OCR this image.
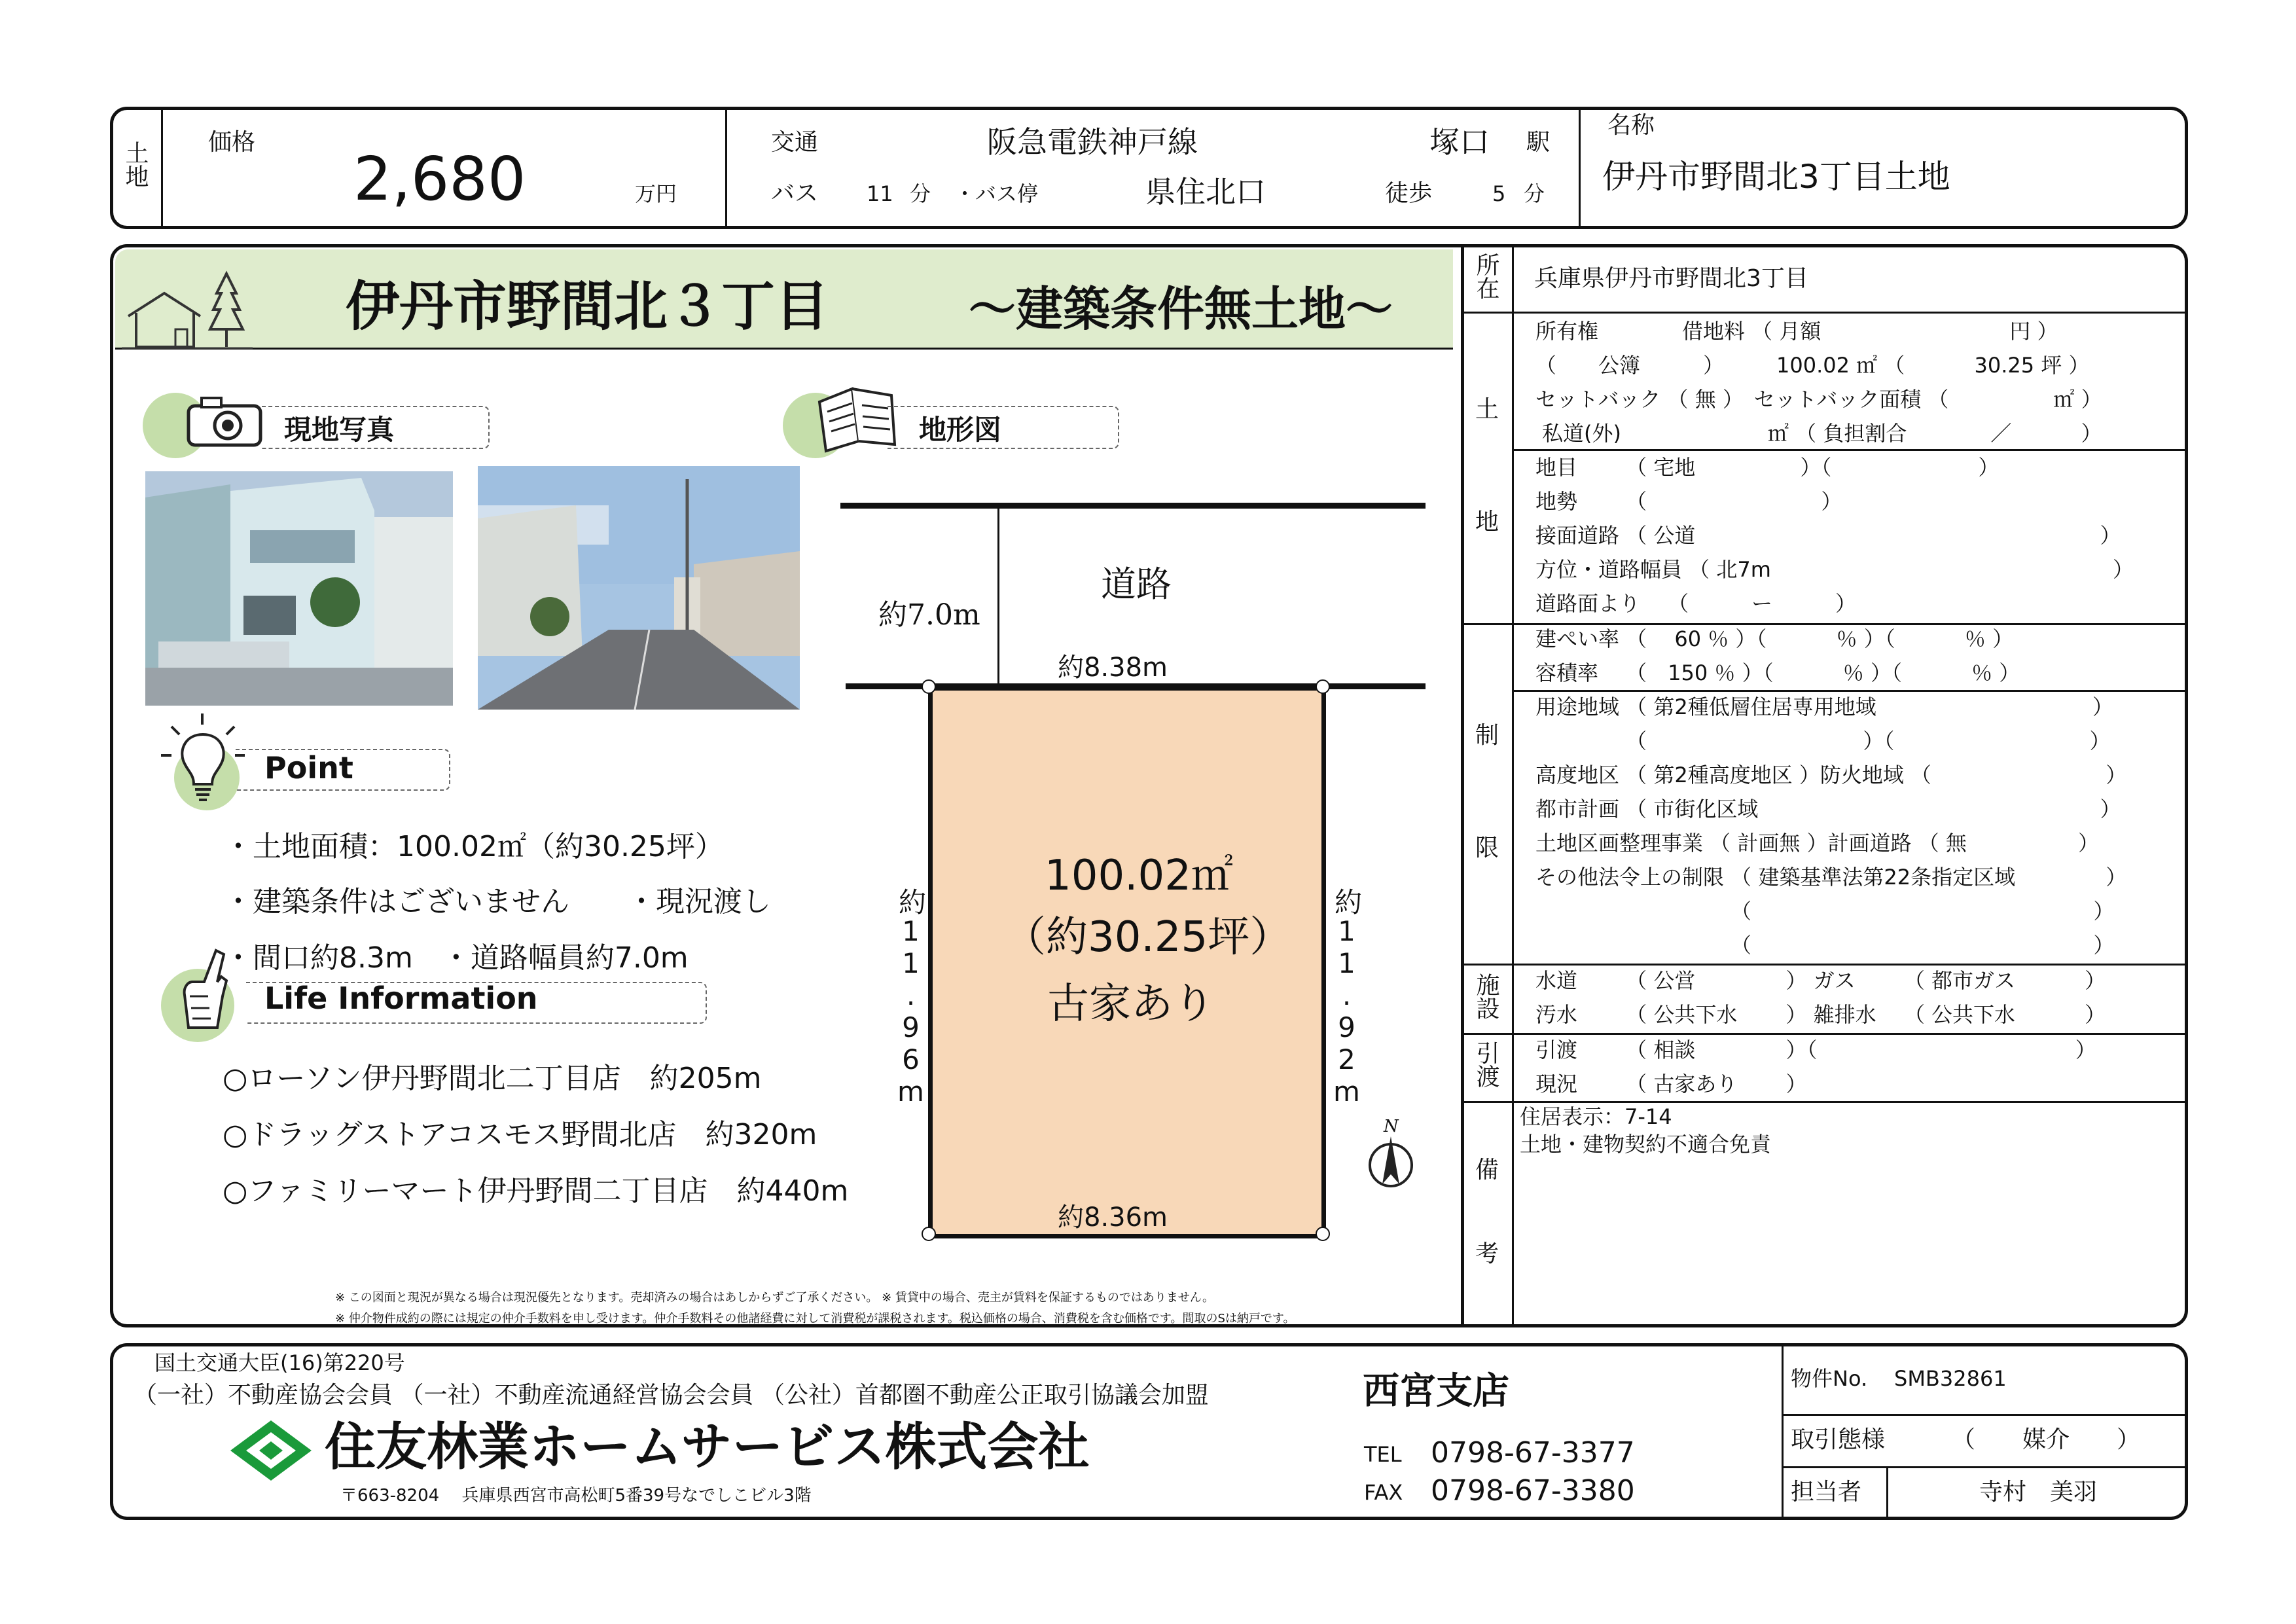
土地	価格
2,680	万円
交通	阪急電鉄神戸線	塚口 駅
バス 11 分 ・バス停	県住北口	徒歩	5 分
名称
伊丹市野間北3丁目土地
伊丹市野間北３丁目	～建築条件無土地～
現地写真	地形図
道路
約7.0m
約8.38m
100.02㎡
（約30.25坪）
古家あり
約11.96m	約11.92m
約8.36m
N
Point
・土地面積：100.02㎡（約30.25坪）
・建築条件はございません　　・現況渡し
・間口約8.3m　・道路幅員約7.0m
Life Information
○ローソン伊丹野間北二丁目店　約205m
○ドラッグストアコスモス野間北店　約320m
○ファミリーマート伊丹野間二丁目店　約440m
※ この図面と現況が異なる場合は現況優先となります。売却済みの場合はあしからずご了承ください。 ※ 賃貸中の場合、売主が賃料を保証するものではありません。
※ 仲介物件成約の際には規定の仲介手数料を申し受けます。仲介手数料その他諸経費に対して消費税が課税されます。税込価格の場合、消費税を含む価格です。間取のSは納戸です。
所在 兵庫県伊丹市野間北3丁目
土
地
制
限
施設
引渡
備
考
所有権　　　　借地料 （ 月額　　　　　　　　　円 ）
（　　公簿　　　）　　　100.02 ㎡ （　　　 30.25 坪 ）
セットバック （ 無 ）　セットバック面積 （　　　　　㎡ ）
私道(外)　　　　　　　㎡ （ 負担割合　　　　／　　　 ）
地目　　 （ 宅地　　　　　）（　　　　　　　）
地勢　　 （　　　　　　　　 ）
接面道路 （ 公道　　　　　　　　　　　　　　　　　　　 ）
方位・道路幅員 （ 北7m　　　　　　　　　　　　　　　　 ）
道路面より　 （　　　ー　　　）
建ぺい率 （　 60 ％ ）（　　　 ％ ）（　　　 ％ ）
容積率　 （　150 ％ ）（　　　 ％ ）（　　　 ％ ）
用途地域 （ 第2種低層住居専用地域　　　　　　　　　　 ）
　　　　 （　　　　　　　　　　 ）（　　　　　　　　　 ）
高度地区 （ 第2種高度地区 ）防火地域 （　　　　　　　　 ）
都市計画 （ 市街化区域　　　　　　　　　　　　　　　　 ）
土地区画整理事業 （ 計画無 ）計画道路 （ 無　　　　　 ）
その他法令上の制限 （ 建築基準法第22条指定区域　　　　 ）
　　　　　　　　　 （　　　　　　　　　　　　　　　　 ）
　　　　　　　　　 （　　　　　　　　　　　　　　　　 ）
水道　　 （ 公営　　　　 ） ガス　　 （ 都市ガス　　　 ）
汚水　　 （ 公共下水　　 ） 雑排水　 （ 公共下水　　　 ）
引渡　　 （ 相談　　　　 ）（　　　　　　　　　　　　 ）
現況　　 （ 古家あり　　 ）
住居表示：7-14
土地・建物契約不適合免責
国土交通大臣(16)第220号
（一社）不動産協会会員 （一社）不動産流通経営協会会員 （公社）首都圏不動産公正取引協議会加盟
住友林業ホームサービス株式会社
〒663-8204　 兵庫県西宮市高松町5番39号なでしこビル3階
西宮支店
TEL 0798-67-3377
FAX 0798-67-3380
物件No. SMB32861
取引態様	（　　媒介　　）
担当者	寺村　美羽
